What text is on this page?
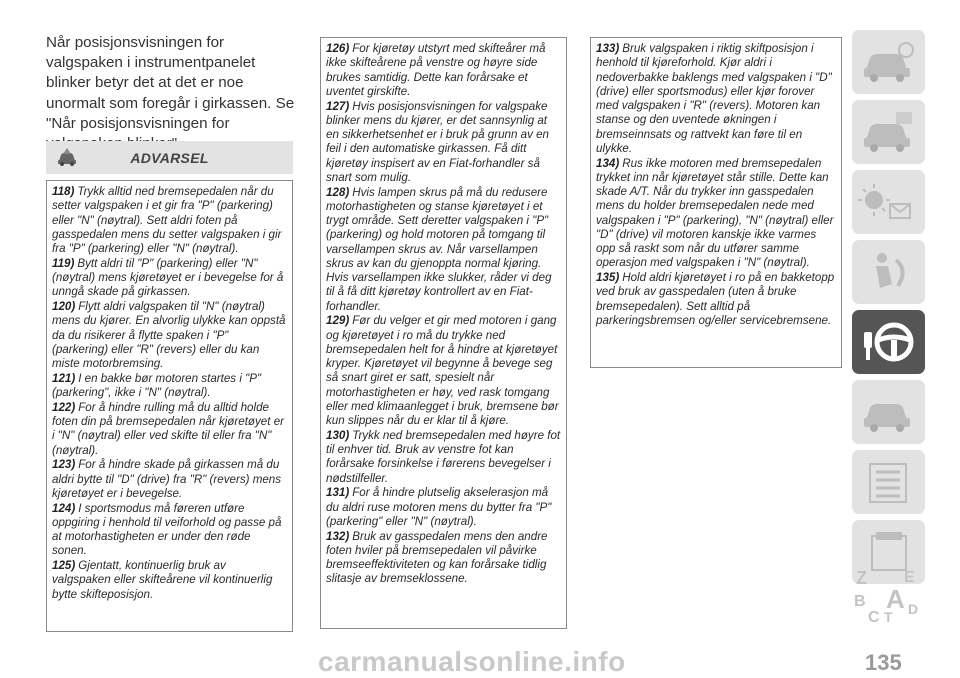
Når posisjonsvisningen for valgspaken i instrumentpanelet blinker betyr det at det er noe unormalt som foregår i girkassen. Se "Når posisjonsvisningen for

ADVARSEL
118) Trykk alltid ned bremsepedalen når du setter valgspaken i et gir fra "P" (parkering) eller "N" (nøytral). Sett aldri foten på gasspedalen mens du setter valgspaken i gir fra "P" (parkering) eller "N" (nøytral).
119) Bytt aldri til "P" (parkering) eller "N" (nøytral) mens kjøretøyet er i bevegelse for å unngå skade på girkassen.
120) Flytt aldri valgspaken til "N" (nøytral) mens du kjører. En alvorlig ulykke kan oppstå da du risikerer å flytte spaken i "P" (parkering) eller "R" (revers) eller du kan miste motorbremsing.
121) I en bakke bør motoren startes i "P" (parkering", ikke i "N" (nøytral).
122) For å hindre rulling må du alltid holde foten din på bremsepedalen når kjøretøyet er i "N" (nøytral) eller ved skifte til eller fra "N" (nøytral).
123) For å hindre skade på girkassen må du aldri bytte til "D" (drive) fra "R" (revers) mens kjøretøyet er i bevegelse.
124) I sportsmodus må føreren utføre oppgiring i henhold til veiforhold og passe på at motorhastigheten er under den røde sonen.
125) Gjentatt, kontinuerlig bruk av valgspaken eller skifteårene vil kontinuerlig bytte skifteposisjon.
126) For kjøretøy utstyrt med skifteårer må ikke skifteårene på venstre og høyre side brukes samtidig. Dette kan forårsake et uventet girskifte.
127) Hvis posisjonsvisningen for valgspake blinker mens du kjører, er det sannsynlig at en sikkerhetsenhet er i bruk på grunn av en feil i den automatiske girkassen. Få ditt kjøretøy inspisert av en Fiat-forhandler så snart som mulig.
128) Hvis lampen skrus på må du redusere motorhastigheten og stanse kjøretøyet i et trygt område. Sett deretter valgspaken i "P" (parkering) og hold motoren på tomgang til varsellampen skrus av. Når varsellampen skrus av kan du gjenoppta normal kjøring. Hvis varsellampen ikke slukker, råder vi deg til å få ditt kjøretøy kontrollert av en Fiat-forhandler.
129) Før du velger et gir med motoren i gang og kjøretøyet i ro må du trykke ned bremsepedalen helt for å hindre at kjøretøyet kryper. Kjøretøyet vil begynne å bevege seg så snart giret er satt, spesielt når motorhastigheten er høy, ved rask tomgang eller med klimaanlegget i bruk, bremsene bør kun slippes når du er klar til å kjøre.
130) Trykk ned bremsepedalen med høyre fot til enhver tid. Bruk av venstre fot kan forårsake forsinkelse i førerens bevegelser i nødstilfeller.
131) For å hindre plutselig akselerasjon må du aldri ruse motoren mens du bytter fra "P" (parkering" eller "N" (nøytral).
132) Bruk av gasspedalen mens den andre foten hviler på bremsepedalen vil påvirke bremseeffektiviteten og kan forårsake tidlig slitasje av bremseklossene.
133) Bruk valgspaken i riktig skiftposisjon i henhold til kjøreforhold. Kjør aldri i nedoverbakke baklengs med valgspaken i "D" (drive) eller sportsmodus) eller kjør forover med valgspaken i "R" (revers). Motoren kan stanse og den uventede økningen i bremseinnsats og rattvekt kan føre til en ulykke.
134) Rus ikke motoren med bremsepedalen trykket inn når kjøretøyet står stille. Dette kan skade A/T. Når du trykker inn gasspedalen mens du holder bremsepedalen nede med valgspaken i "P" (parkering), "N" (nøytral) eller "D" (drive) vil motoren kanskje ikke varmes opp så raskt som når du utfører samme operasjon med valgspaken i "N" (nøytral).
135) Hold aldri kjøretøyet i ro på en bakketopp ved bruk av gasspedalen (uten å bruke bremsepedalen). Sett alltid på parkeringsbremsen og/eller servicebremsene.
Z E
B A
C T D
carmanualsonline.info	135
